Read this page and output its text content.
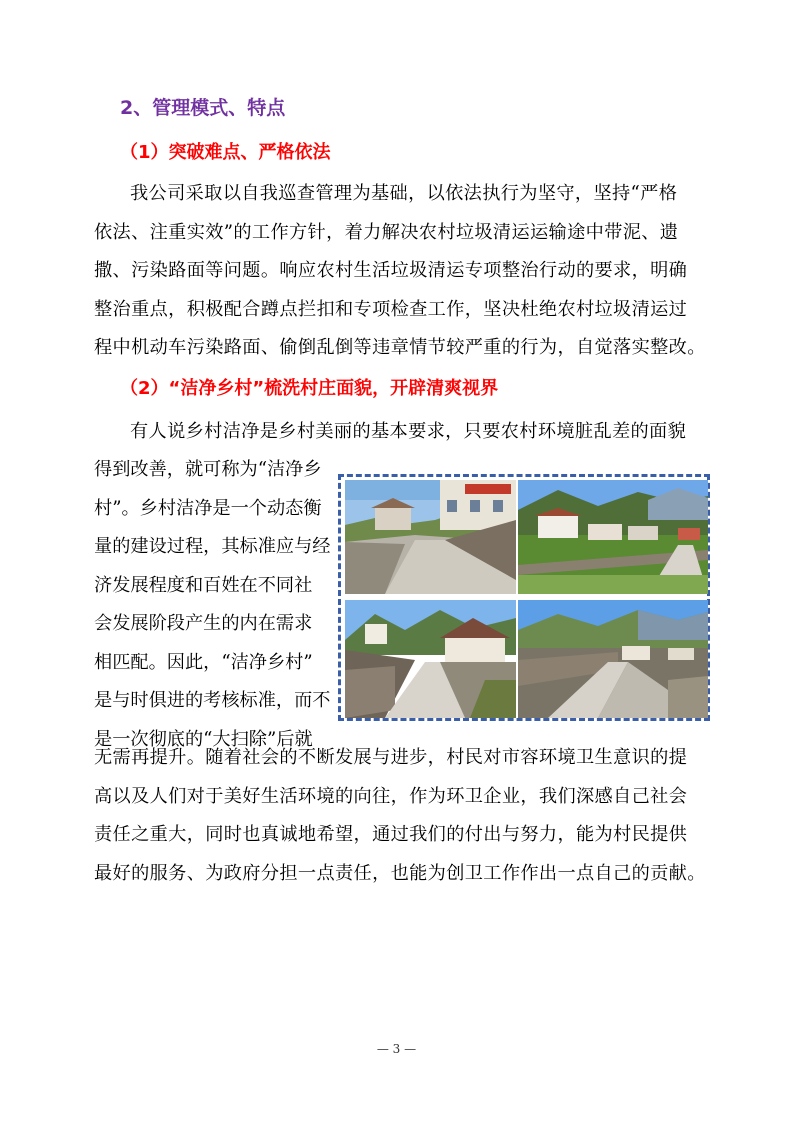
2、管理模式、特点
（1）突破难点、严格依法
我公司采取以自我巡查管理为基础，以依法执行为坚守，坚持“严格
依法、注重实效”的工作方针，着力解决农村垃圾清运运输途中带泥、遗
撒、污染路面等问题。响应农村生活垃圾清运专项整治行动的要求，明确
整治重点，积极配合蹲点拦扣和专项检查工作，坚决杜绝农村垃圾清运过
程中机动车污染路面、偷倒乱倒等违章情节较严重的行为，自觉落实整改。
（2）“洁净乡村”梳洗村庄面貌，开辟清爽视界
有人说乡村洁净是乡村美丽的基本要求，只要农村环境脏乱差的面貌
得到改善，就可称为“洁净乡
村”。乡村洁净是一个动态衡
量的建设过程，其标准应与经
济发展程度和百姓在不同社
会发展阶段产生的内在需求
相匹配。因此，“洁净乡村”
是与时俱进的考核标准，而不
是一次彻底的“大扫除”后就
无需再提升。随着社会的不断发展与进步，村民对市容环境卫生意识的提
高以及人们对于美好生活环境的向往，作为环卫企业，我们深感自己社会
责任之重大，同时也真诚地希望，通过我们的付出与努力，能为村民提供
最好的服务、为政府分担一点责任，也能为创卫工作作出一点自己的贡献。
— 3 —
